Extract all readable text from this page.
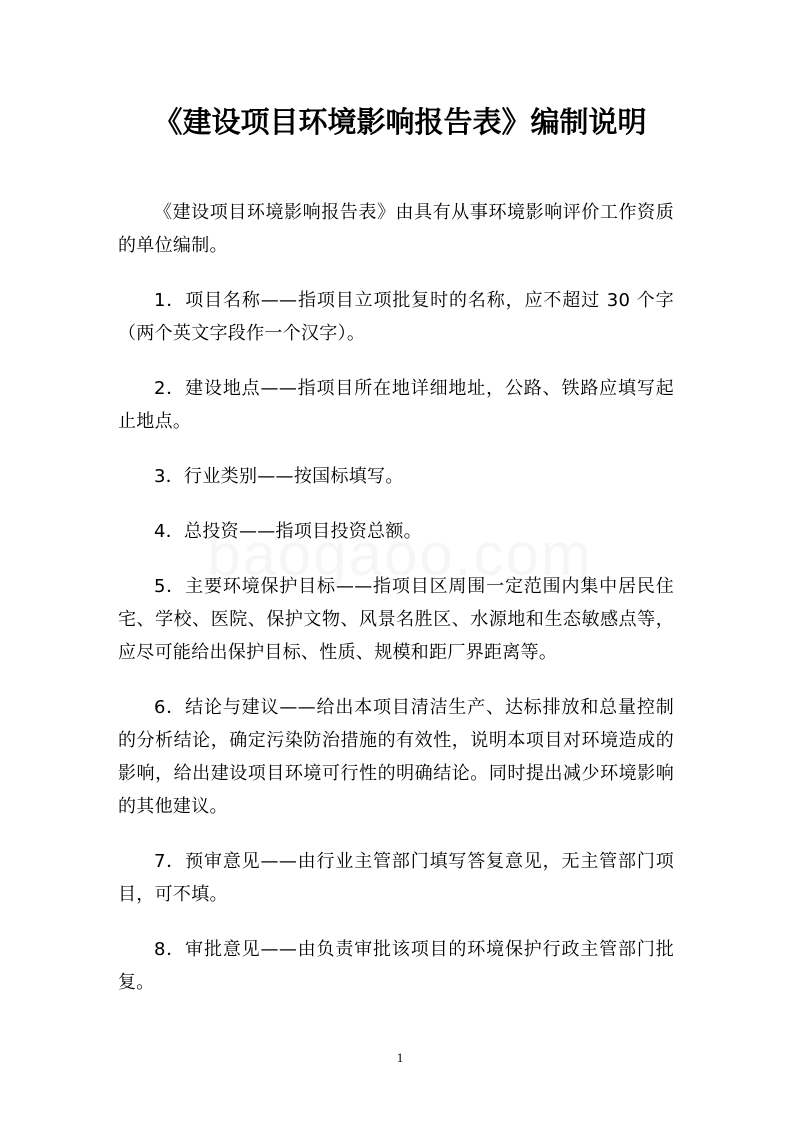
《建设项目环境影响报告表》编制说明

《建设项目环境影响报告表》由具有从事环境影响评价工作资质的单位编制。

1．项目名称——指项目立项批复时的名称，应不超过 30 个字（两个英文字段作一个汉字）。

2．建设地点——指项目所在地详细地址，公路、铁路应填写起止地点。

3．行业类别——按国标填写。

4．总投资——指项目投资总额。

5．主要环境保护目标——指项目区周围一定范围内集中居民住宅、学校、医院、保护文物、风景名胜区、水源地和生态敏感点等，应尽可能给出保护目标、性质、规模和距厂界距离等。

6．结论与建议——给出本项目清洁生产、达标排放和总量控制的分析结论，确定污染防治措施的有效性，说明本项目对环境造成的影响，给出建设项目环境可行性的明确结论。同时提出减少环境影响的其他建议。

7．预审意见——由行业主管部门填写答复意见，无主管部门项目，可不填。

8．审批意见——由负责审批该项目的环境保护行政主管部门批复。

1
